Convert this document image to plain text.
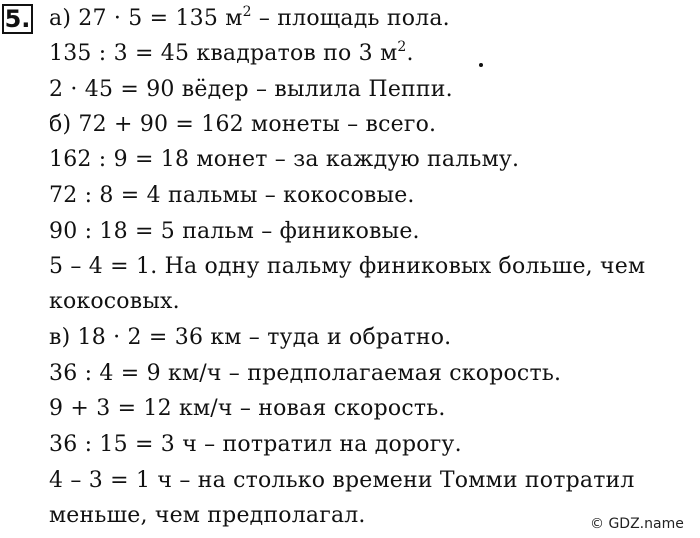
5. а) 27 · 5 = 135 $м^2$ – площадь пола.
135 : 3 = 45 квадратов по 3 $м^2$.
2 · 45 = 90 вёдер – вылила Пеппи.
б) 72 + 90 = 162 монеты – всего.
162 : 9 = 18 монет – за каждую пальму.
72 : 8 = 4 пальмы – кокосовые.
90 : 18 = 5 пальм – финиковые.
5 – 4 = 1. На одну пальму финиковых больше, чем
кокосовых.
в) 18 · 2 = 36 км – туда и обратно.
36 : 4 = 9 км/ч – предполагаемая скорость.
9 + 3 = 12 км/ч – новая скорость.
36 : 15 = 3 ч – потратил на дорогу.
4 – 3 = 1 ч – на столько времени Томми потратил
меньше, чем предполагал.	© GDZ.name
